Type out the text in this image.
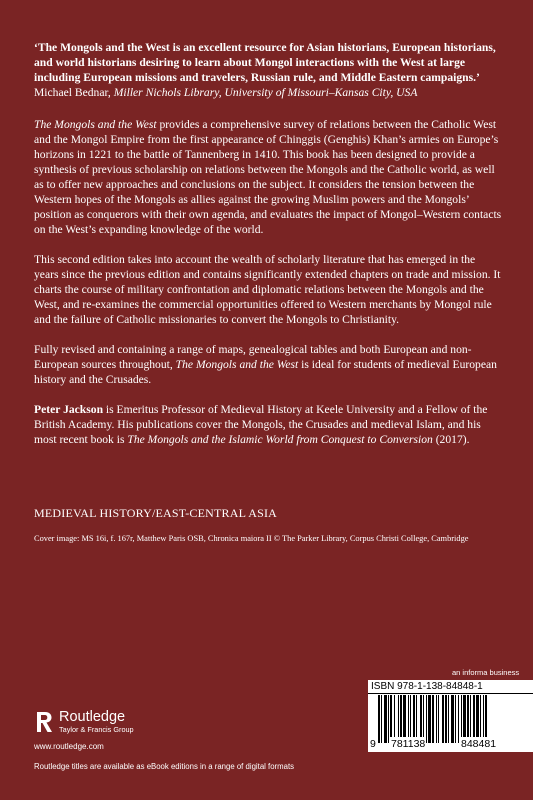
‘The Mongols and the West is an excellent resource for Asian historians, European historians, and world historians desiring to learn about Mongol interactions with the West at large including European missions and travelers, Russian rule, and Middle Eastern campaigns.’

Michael Bednar, Miller Nichols Library, University of Missouri–Kansas City, USA

The Mongols and the West provides a comprehensive survey of relations between the Catholic West and the Mongol Empire from the first appearance of Chinggis (Genghis) Khan’s armies on Europe’s horizons in 1221 to the battle of Tannenberg in 1410. This book has been designed to provide a synthesis of previous scholarship on relations between the Mongols and the Catholic world, as well as to offer new approaches and conclusions on the subject. It considers the tension between the Western hopes of the Mongols as allies against the growing Muslim powers and the Mongols’ position as conquerors with their own agenda, and evaluates the impact of Mongol–Western contacts on the West’s expanding knowledge of the world.

This second edition takes into account the wealth of scholarly literature that has emerged in the years since the previous edition and contains significantly extended chapters on trade and mission. It charts the course of military confrontation and diplomatic relations between the Mongols and the West, and re-examines the commercial opportunities offered to Western merchants by Mongol rule and the failure of Catholic missionaries to convert the Mongols to Christianity.

Fully revised and containing a range of maps, genealogical tables and both European and non-European sources throughout, The Mongols and the West is ideal for students of medieval European history and the Crusades.

Peter Jackson is Emeritus Professor of Medieval History at Keele University and a Fellow of the British Academy. His publications cover the Mongols, the Crusades and medieval Islam, and his most recent book is The Mongols and the Islamic World from Conquest to Conversion (2017).

MEDIEVAL HISTORY/EAST-CENTRAL ASIA
Cover image: MS 16i, f. 167r, Matthew Paris OSB, Chronica maiora II © The Parker Library, Corpus Christi College, Cambridge
an informa business
ISBN 978-1-138-84848-1
9 781138	848481
Routledge
Taylor & Francis Group
www.routledge.com
Routledge titles are available as eBook editions in a range of digital formats
